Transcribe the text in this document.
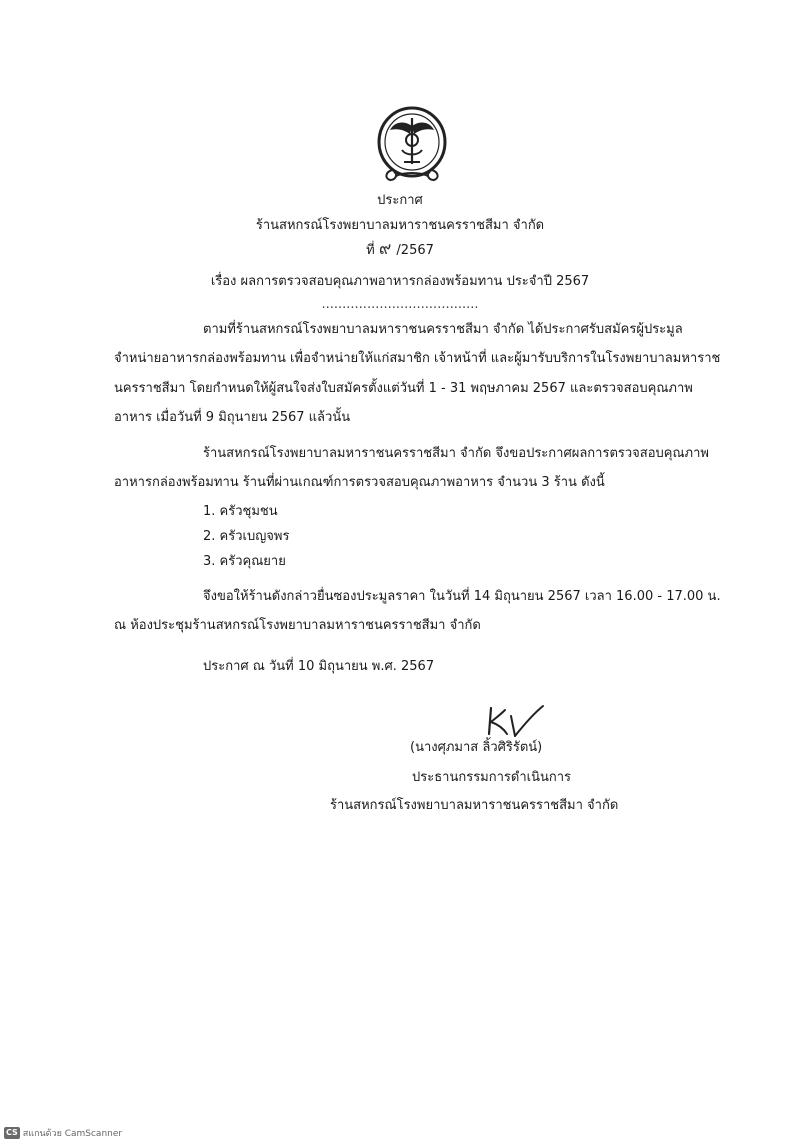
ประกาศ
ร้านสหกรณ์โรงพยาบาลมหาราชนครราชสีมา จำกัด
ที่ ๙ /2567
เรื่อง ผลการตรวจสอบคุณภาพอาหารกล่องพร้อมทาน ประจำปี 2567
......................................
ตามที่ร้านสหกรณ์โรงพยาบาลมหาราชนครราชสีมา จำกัด ได้ประกาศรับสมัครผู้ประมูล
จำหน่ายอาหารกล่องพร้อมทาน เพื่อจำหน่ายให้แก่สมาชิก เจ้าหน้าที่ และผู้มารับบริการในโรงพยาบาลมหาราช
นครราชสีมา โดยกำหนดให้ผู้สนใจส่งใบสมัครตั้งแต่วันที่ 1 - 31 พฤษภาคม 2567 และตรวจสอบคุณภาพ
อาหาร เมื่อวันที่ 9 มิถุนายน 2567 แล้วนั้น
ร้านสหกรณ์โรงพยาบาลมหาราชนครราชสีมา จำกัด จึงขอประกาศผลการตรวจสอบคุณภาพ
อาหารกล่องพร้อมทาน ร้านที่ผ่านเกณฑ์การตรวจสอบคุณภาพอาหาร จำนวน 3 ร้าน ดังนี้
1. ครัวชุมชน
2. ครัวเบญจพร
3. ครัวคุณยาย
จึงขอให้ร้านดังกล่าวยื่นซองประมูลราคา ในวันที่ 14 มิถุนายน 2567 เวลา 16.00 - 17.00 น.
ณ ห้องประชุมร้านสหกรณ์โรงพยาบาลมหาราชนครราชสีมา จำกัด
ประกาศ ณ วันที่ 10 มิถุนายน พ.ศ. 2567
(นางศุภมาส ลิ้วศิริรัตน์)
ประธานกรรมการดำเนินการ
ร้านสหกรณ์โรงพยาบาลมหาราชนครราชสีมา จำกัด
CS สแกนด้วย CamScanner
